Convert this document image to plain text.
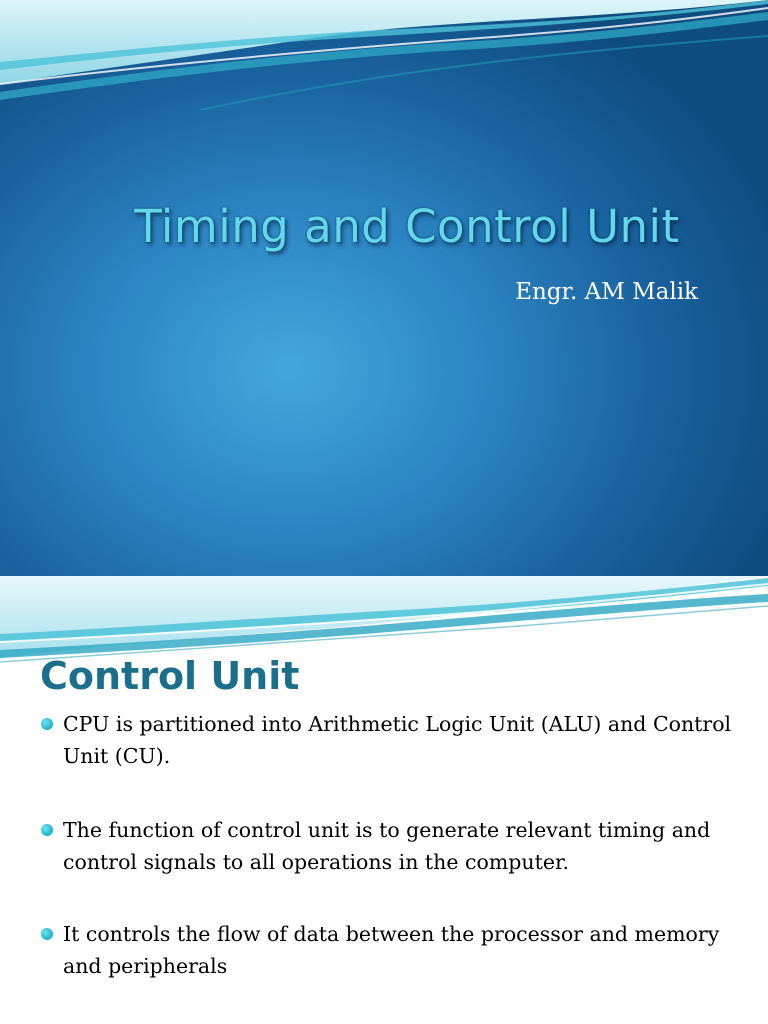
Timing and Control Unit

Engr. AM Malik

Control Unit

CPU is partitioned into Arithmetic Logic Unit (ALU) and Control Unit (CU).

The function of control unit is to generate relevant timing and control signals to all operations in the computer.

It controls the flow of data between the processor and memory and peripherals
